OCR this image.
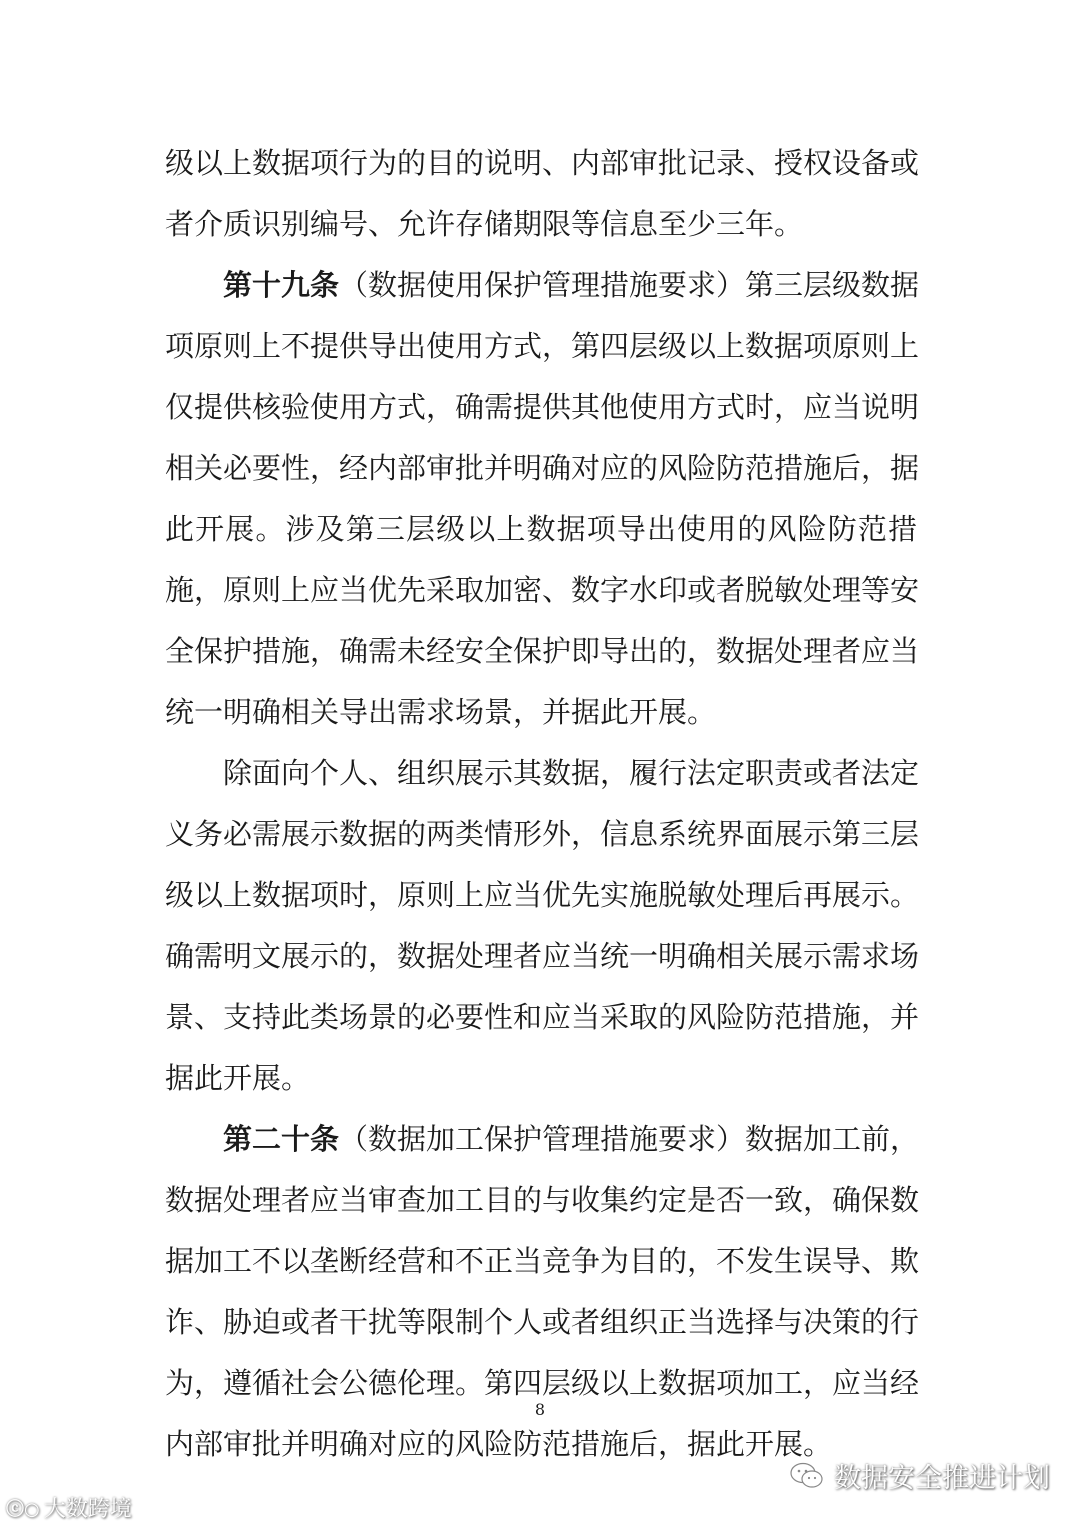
级以上数据项行为的目的说明、内部审批记录、授权设备或
者介质识别编号、允许存储期限等信息至少三年。
第十九条（数据使用保护管理措施要求）第三层级数据
项原则上不提供导出使用方式，第四层级以上数据项原则上
仅提供核验使用方式，确需提供其他使用方式时，应当说明
相关必要性，经内部审批并明确对应的风险防范措施后，据
此开展。涉及第三层级以上数据项导出使用的风险防范措
施，原则上应当优先采取加密、数字水印或者脱敏处理等安
全保护措施，确需未经安全保护即导出的，数据处理者应当
统一明确相关导出需求场景，并据此开展。
除面向个人、组织展示其数据，履行法定职责或者法定
义务必需展示数据的两类情形外，信息系统界面展示第三层
级以上数据项时，原则上应当优先实施脱敏处理后再展示。
确需明文展示的，数据处理者应当统一明确相关展示需求场
景、支持此类场景的必要性和应当采取的风险防范措施，并
据此开展。
第二十条（数据加工保护管理措施要求）数据加工前，
数据处理者应当审查加工目的与收集约定是否一致，确保数
据加工不以垄断经营和不正当竞争为目的，不发生误导、欺
诈、胁迫或者干扰等限制个人或者组织正当选择与决策的行
为，遵循社会公德伦理。第四层级以上数据项加工，应当经
内部审批并明确对应的风险防范措施后，据此开展。
8
ⓒ○ 大数跨境
数据安全推进计划
